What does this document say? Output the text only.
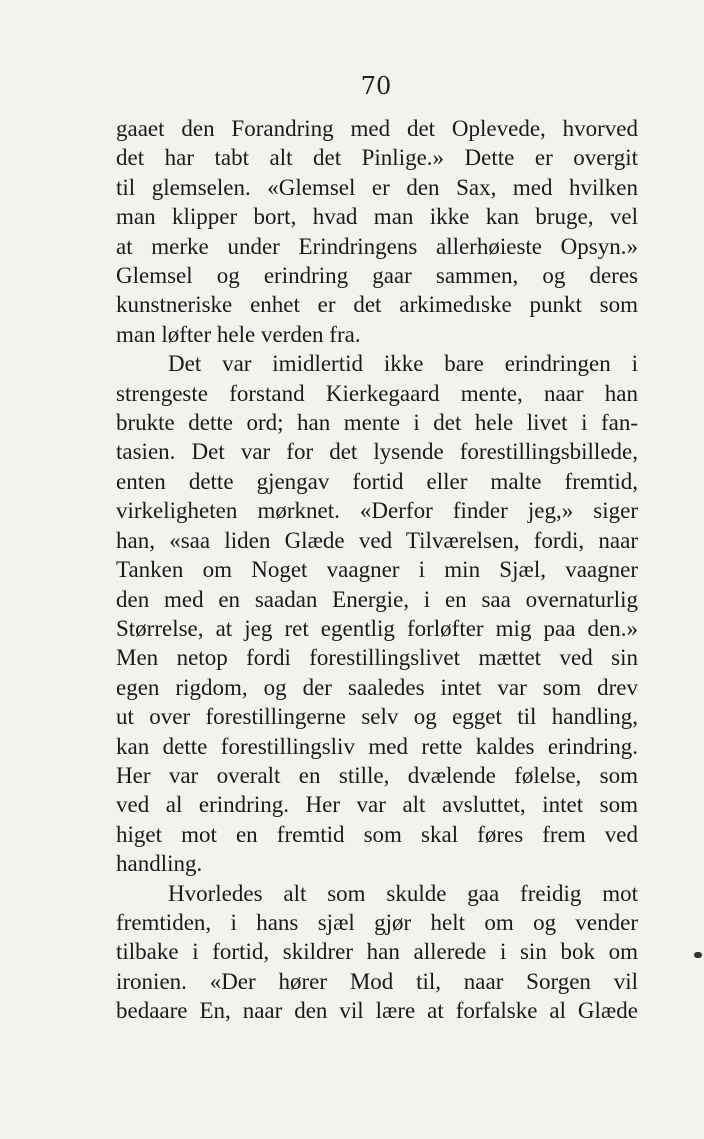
70
gaaet den Forandring med det Oplevede, hvorved
det har tabt alt det Pinlige.» Dette er overgit
til glemselen. «Glemsel er den Sax, med hvilken
man klipper bort, hvad man ikke kan bruge, vel
at merke under Erindringens allerhøieste Opsyn.»
Glemsel og erindring gaar sammen, og deres
kunstneriske enhet er det arkimedıske punkt som
man løfter hele verden fra.
Det var imidlertid ikke bare erindringen i
strengeste forstand Kierkegaard mente, naar han
brukte dette ord; han mente i det hele livet i fan-
tasien. Det var for det lysende forestillingsbillede,
enten dette gjengav fortid eller malte fremtid,
virkeligheten mørknet. «Derfor finder jeg,» siger
han, «saa liden Glæde ved Tilværelsen, fordi, naar
Tanken om Noget vaagner i min Sjæl, vaagner
den med en saadan Energie, i en saa overnaturlig
Størrelse, at jeg ret egentlig forløfter mig paa den.»
Men netop fordi forestillingslivet mættet ved sin
egen rigdom, og der saaledes intet var som drev
ut over forestillingerne selv og egget til handling,
kan dette forestillingsliv med rette kaldes erindring.
Her var overalt en stille, dvælende følelse, som
ved al erindring. Her var alt avsluttet, intet som
higet mot en fremtid som skal føres frem ved
handling.
Hvorledes alt som skulde gaa freidig mot
fremtiden, i hans sjæl gjør helt om og vender
tilbake i fortid, skildrer han allerede i sin bok om
ironien. «Der hører Mod til, naar Sorgen vil
bedaare En, naar den vil lære at forfalske al Glæde
